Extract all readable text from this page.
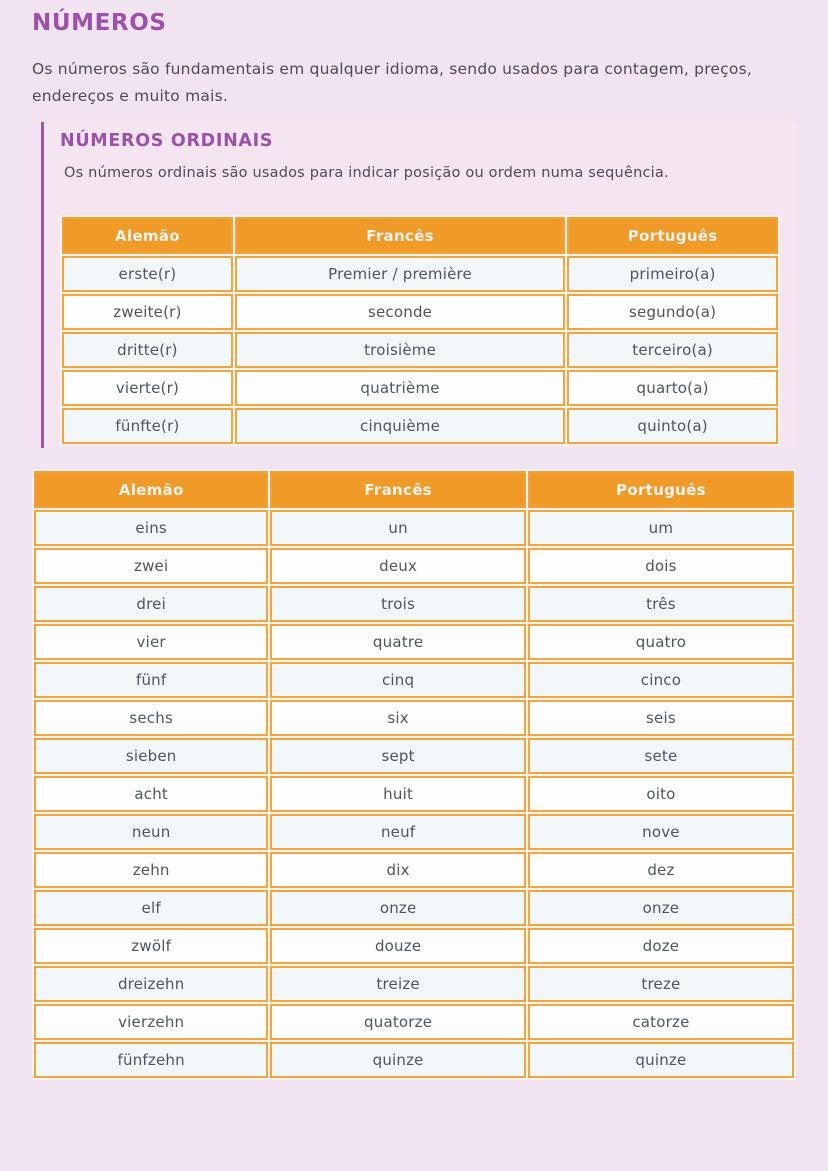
NÚMEROS

Os números são fundamentais em qualquer idioma, sendo usados para contagem, preços, endereços e muito mais.

NÚMEROS ORDINAIS

Os números ordinais são usados para indicar posição ou ordem numa sequência.

Alemão	Francês	Português
erste(r)	Premier / première	primeiro(a)
zweite(r)	seconde	segundo(a)
dritte(r)	troisième	terceiro(a)
vierte(r)	quatrième	quarto(a)
fünfte(r)	cinquième	quinto(a)
Alemão	Francês	Português
eins	un	um
zwei	deux	dois
drei	trois	três
vier	quatre	quatro
fünf	cinq	cinco
sechs	six	seis
sieben	sept	sete
acht	huit	oito
neun	neuf	nove
zehn	dix	dez
elf	onze	onze
zwölf	douze	doze
dreizehn	treize	treze
vierzehn	quatorze	catorze
fünfzehn	quinze	quinze
